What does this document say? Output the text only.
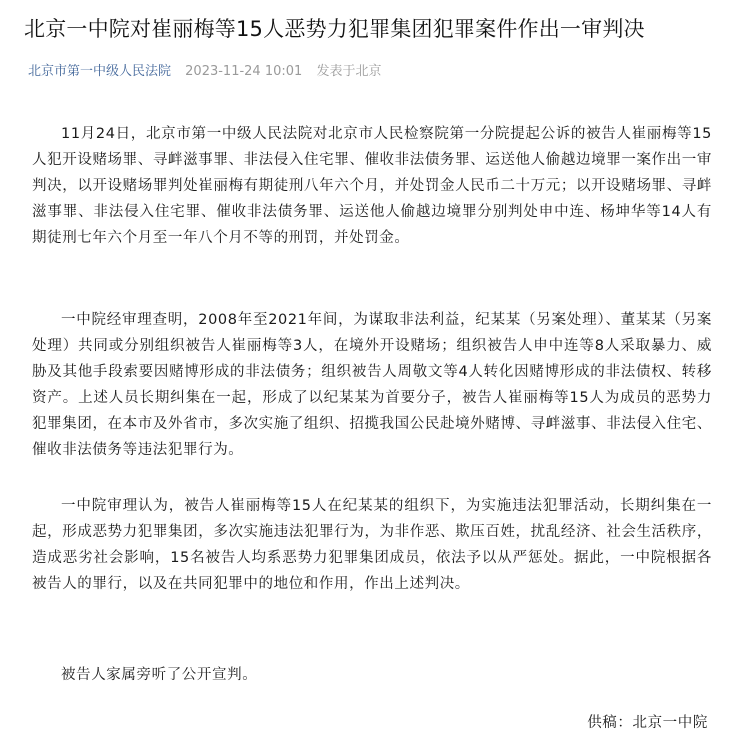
北京一中院对崔丽梅等15人恶势力犯罪集团犯罪案件作出一审判决
北京市第一中级人民法院 2023-11-24 10:01 发表于北京

11月24日，北京市第一中级人民法院对北京市人民检察院第一分院提起公诉的被告人崔丽梅等15人犯开设赌场罪、寻衅滋事罪、非法侵入住宅罪、催收非法债务罪、运送他人偷越边境罪一案作出一审判决，以开设赌场罪判处崔丽梅有期徒刑八年六个月，并处罚金人民币二十万元；以开设赌场罪、寻衅滋事罪、非法侵入住宅罪、催收非法债务罪、运送他人偷越边境罪分别判处申中连、杨坤华等14人有期徒刑七年六个月至一年八个月不等的刑罚，并处罚金。

一中院经审理查明，2008年至2021年间，为谋取非法利益，纪某某（另案处理）、董某某（另案处理）共同或分别组织被告人崔丽梅等3人，在境外开设赌场；组织被告人申中连等8人采取暴力、威胁及其他手段索要因赌博形成的非法债务；组织被告人周敬文等4人转化因赌博形成的非法债权、转移资产。上述人员长期纠集在一起，形成了以纪某某为首要分子，被告人崔丽梅等15人为成员的恶势力犯罪集团，在本市及外省市，多次实施了组织、招揽我国公民赴境外赌博、寻衅滋事、非法侵入住宅、催收非法债务等违法犯罪行为。

一中院审理认为，被告人崔丽梅等15人在纪某某的组织下，为实施违法犯罪活动，长期纠集在一起，形成恶势力犯罪集团，多次实施违法犯罪行为，为非作恶、欺压百姓，扰乱经济、社会生活秩序，造成恶劣社会影响，15名被告人均系恶势力犯罪集团成员，依法予以从严惩处。据此，一中院根据各被告人的罪行，以及在共同犯罪中的地位和作用，作出上述判决。

被告人家属旁听了公开宣判。

供稿：北京一中院
